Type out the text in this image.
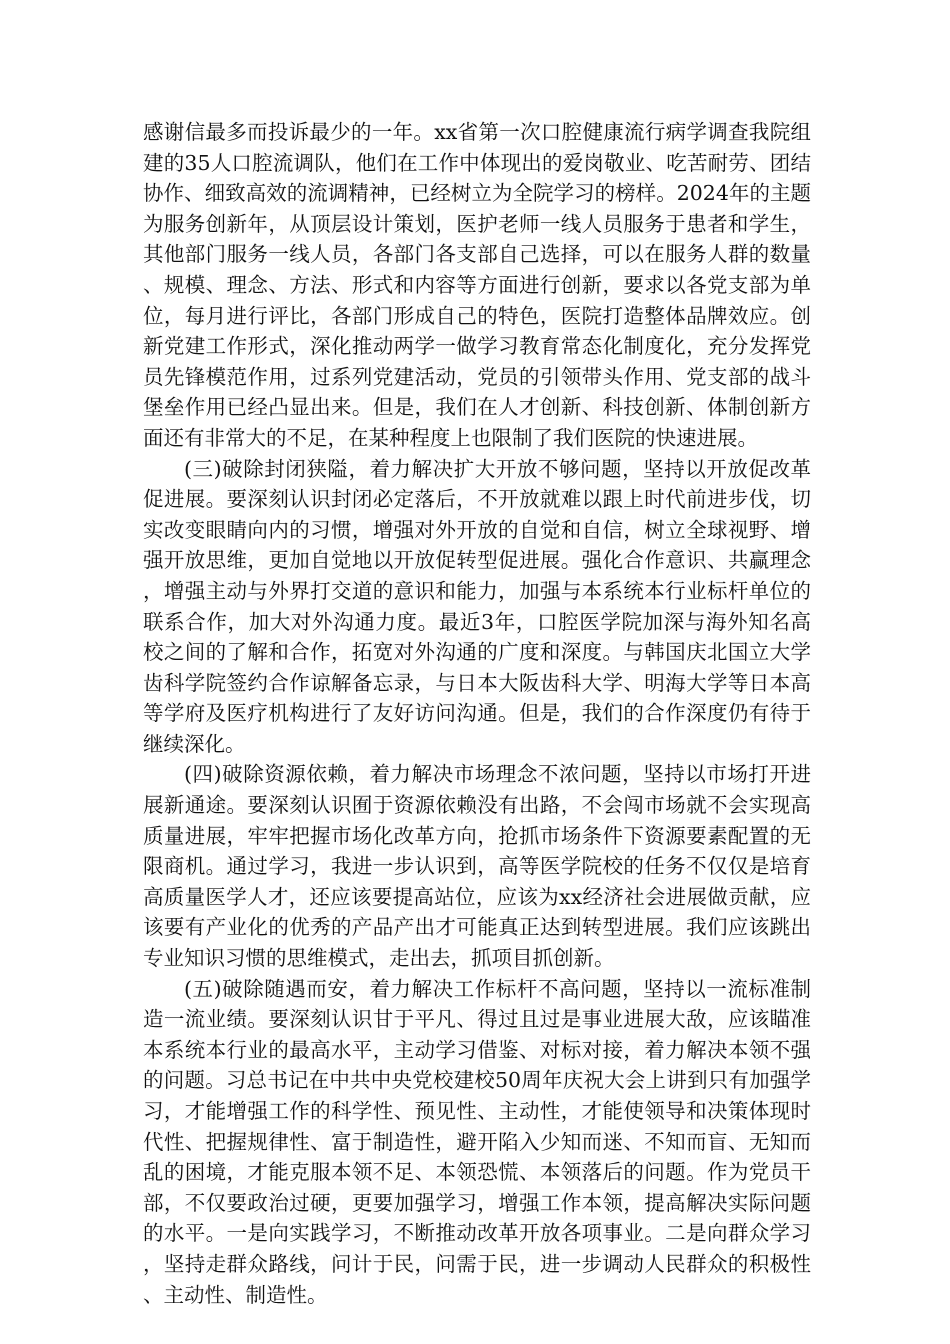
感谢信最多而投诉最少的一年。xx省第一次口腔健康流行病学调查我院组建的35人口腔流调队，他们在工作中体现出的爱岗敬业、吃苦耐劳、团结协作、细致高效的流调精神，已经树立为全院学习的榜样。2024年的主题为服务创新年，从顶层设计策划，医护老师一线人员服务于患者和学生，其他部门服务一线人员，各部门各支部自己选择，可以在服务人群的数量、规模、理念、方法、形式和内容等方面进行创新，要求以各党支部为单位，每月进行评比，各部门形成自己的特色，医院打造整体品牌效应。创新党建工作形式，深化推动两学一做学习教育常态化制度化，充分发挥党员先锋模范作用，过系列党建活动，党员的引领带头作用、党支部的战斗堡垒作用已经凸显出来。但是，我们在人才创新、科技创新、体制创新方面还有非常大的不足，在某种程度上也限制了我们医院的快速进展。

(三)破除封闭狭隘，着力解决扩大开放不够问题，坚持以开放促改革促进展。要深刻认识封闭必定落后，不开放就难以跟上时代前进步伐，切实改变眼睛向内的习惯，增强对外开放的自觉和自信，树立全球视野、增强开放思维，更加自觉地以开放促转型促进展。强化合作意识、共赢理念，增强主动与外界打交道的意识和能力，加强与本系统本行业标杆单位的联系合作，加大对外沟通力度。最近3年，口腔医学院加深与海外知名高校之间的了解和合作，拓宽对外沟通的广度和深度。与韩国庆北国立大学齿科学院签约合作谅解备忘录，与日本大阪齿科大学、明海大学等日本高等学府及医疗机构进行了友好访问沟通。但是，我们的合作深度仍有待于继续深化。

(四)破除资源依赖，着力解决市场理念不浓问题，坚持以市场打开进展新通途。要深刻认识囿于资源依赖没有出路，不会闯市场就不会实现高质量进展，牢牢把握市场化改革方向，抢抓市场条件下资源要素配置的无限商机。通过学习，我进一步认识到，高等医学院校的任务不仅仅是培育高质量医学人才，还应该要提高站位，应该为xx经济社会进展做贡献，应该要有产业化的优秀的产品产出才可能真正达到转型进展。我们应该跳出专业知识习惯的思维模式，走出去，抓项目抓创新。

(五)破除随遇而安，着力解决工作标杆不高问题，坚持以一流标准制造一流业绩。要深刻认识甘于平凡、得过且过是事业进展大敌，应该瞄准本系统本行业的最高水平，主动学习借鉴、对标对接，着力解决本领不强的问题。习总书记在中共中央党校建校50周年庆祝大会上讲到只有加强学习，才能增强工作的科学性、预见性、主动性，才能使领导和决策体现时代性、把握规律性、富于制造性，避开陷入少知而迷、不知而盲、无知而乱的困境，才能克服本领不足、本领恐慌、本领落后的问题。作为党员干部，不仅要政治过硬，更要加强学习，增强工作本领，提高解决实际问题的水平。一是向实践学习，不断推动改革开放各项事业。二是向群众学习，坚持走群众路线，问计于民，问需于民，进一步调动人民群众的积极性、主动性、制造性。
